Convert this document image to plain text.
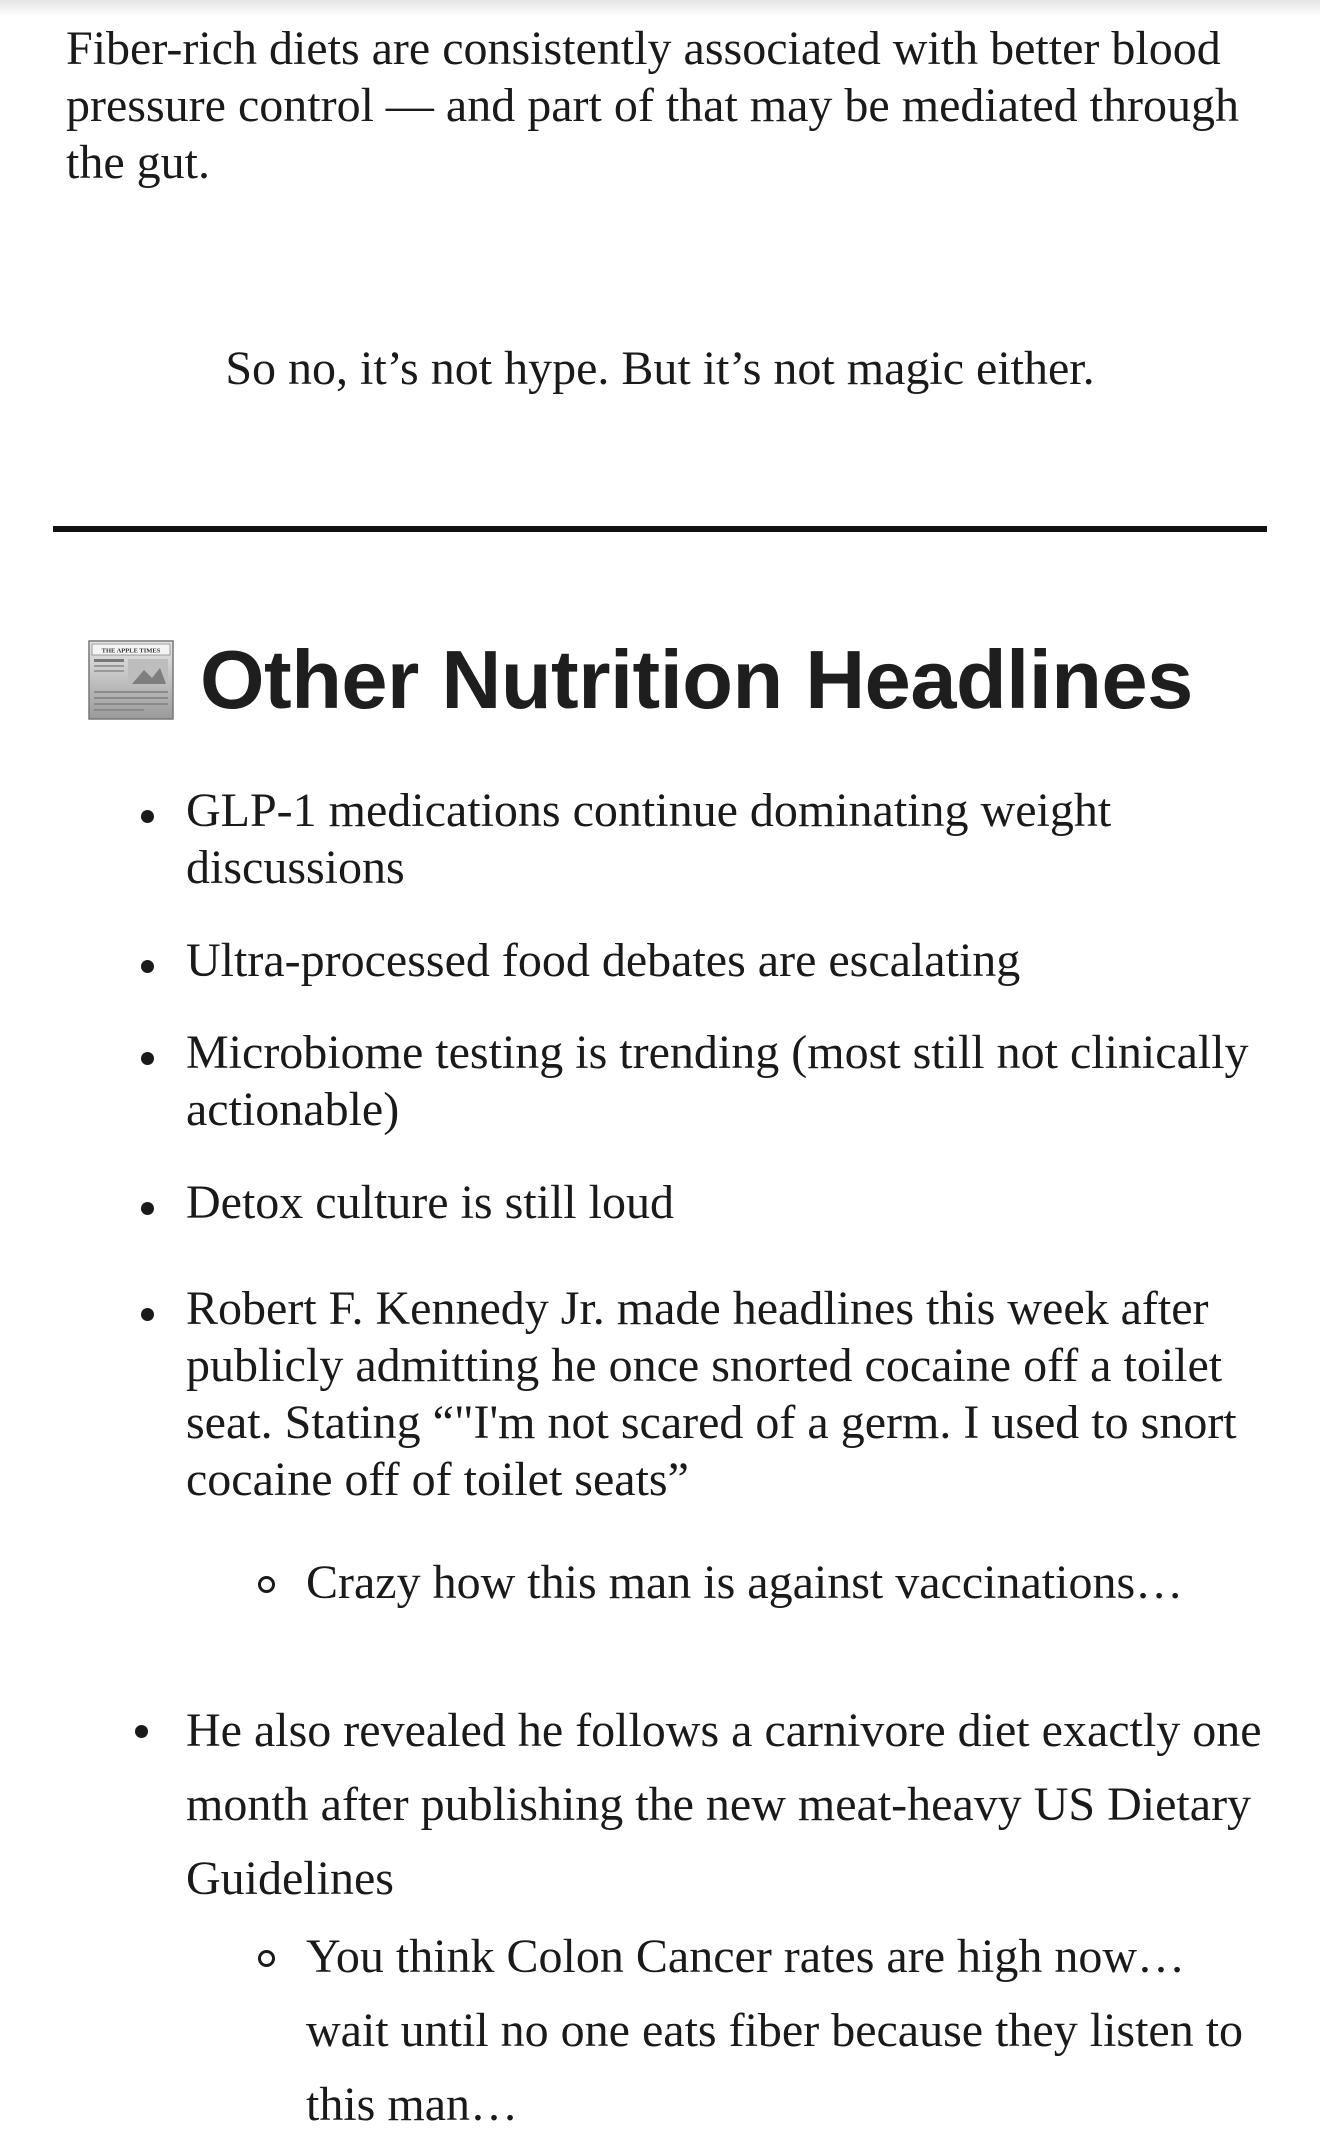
Fiber-rich diets are consistently associated with better blood pressure control — and part of that may be mediated through the gut.

So no, it’s not hype. But it’s not magic either.

THE APPLE TIMES Other Nutrition Headlines
GLP-1 medications continue dominating weight discussions
Ultra-processed food debates are escalating
Microbiome testing is trending (most still not clinically actionable)
Detox culture is still loud
Robert F. Kennedy Jr. made headlines this week after publicly admitting he once snorted cocaine off a toilet seat. Stating “"I'm not scared of a germ. I used to snort cocaine off of toilet seats”
Crazy how this man is against vaccinations…
He also revealed he follows a carnivore diet exactly one month after publishing the new meat-heavy US Dietary Guidelines
You think Colon Cancer rates are high now… wait until no one eats fiber because they listen to this man…
